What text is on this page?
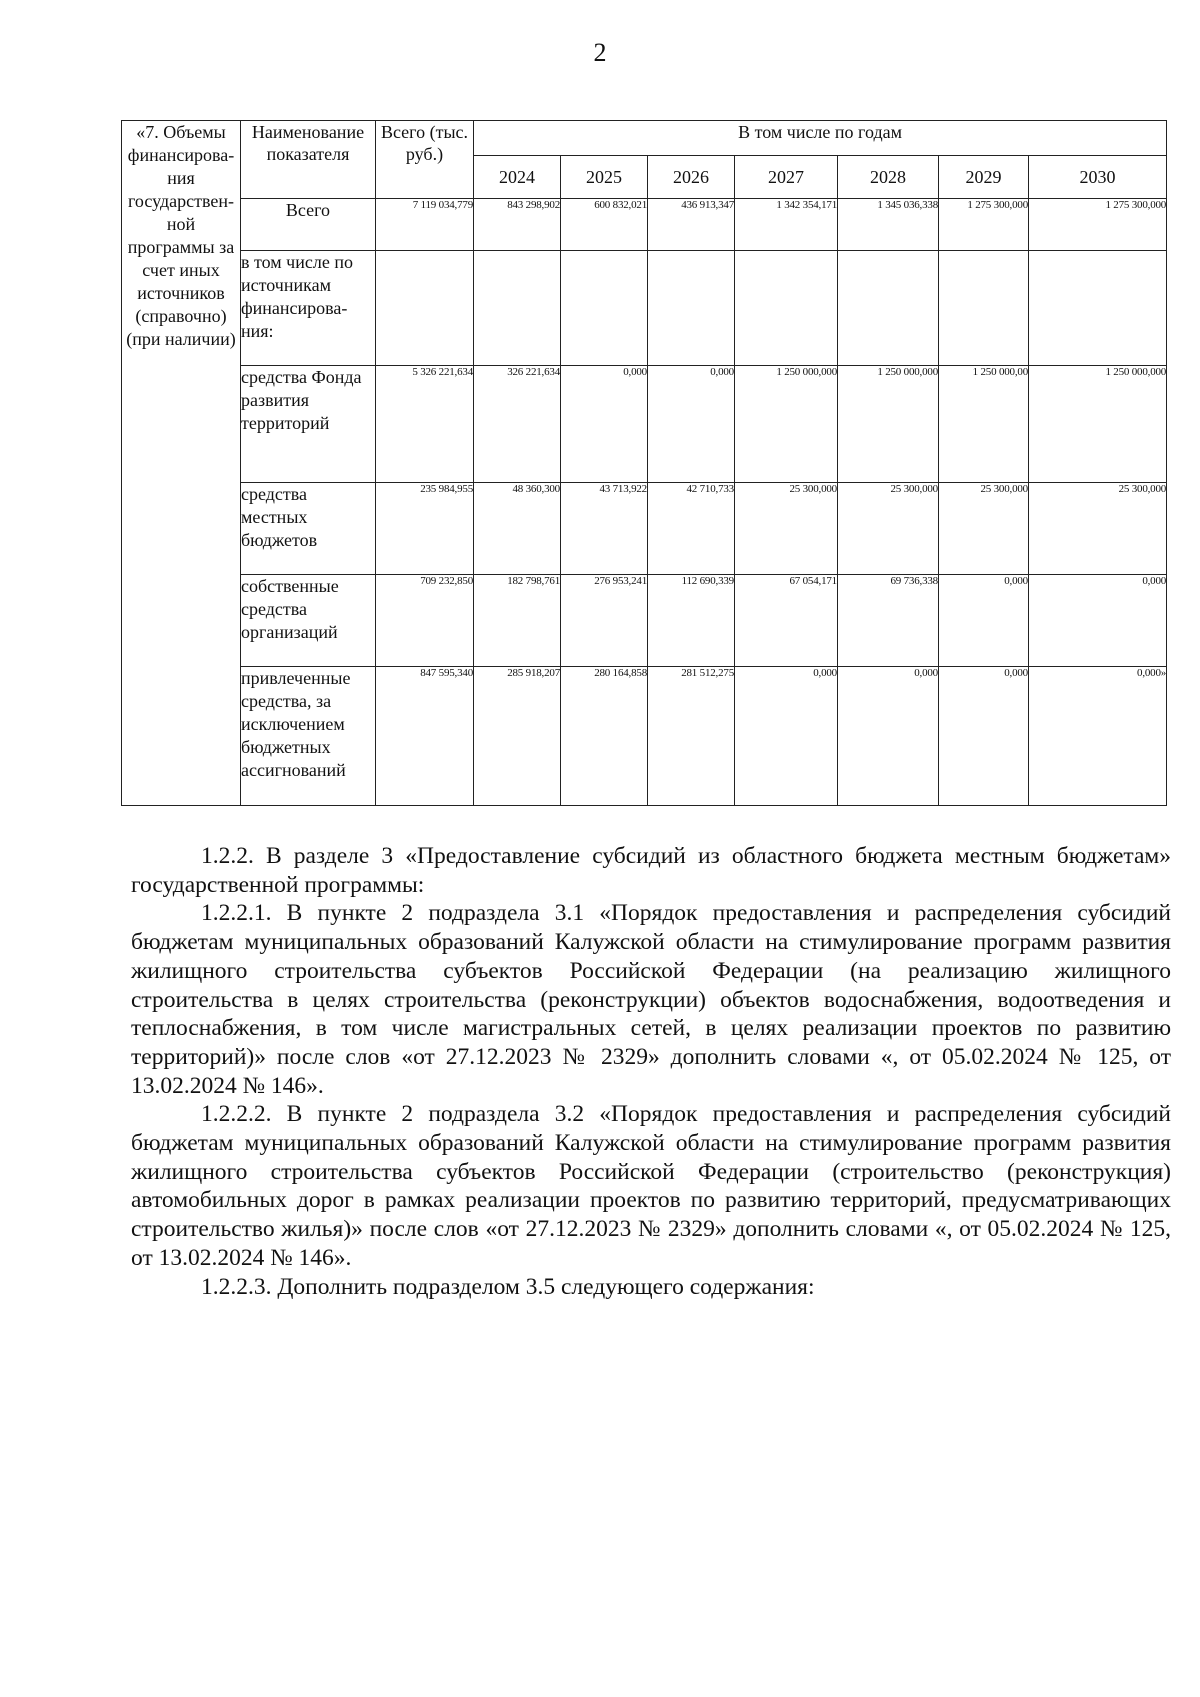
2
«7. Объемы финансирова-ния государствен-ной программы за счет иных источников (справочно) (при наличии)	Наименование показателя	Всего (тыс. руб.)	В том числе по годам						
			2024	2025	2026	2027	2028	2029	2030
	Всего	7 119 034,779	843 298,902	600 832,021	436 913,347	1 342 354,171	1 345 036,338	1 275 300,000	1 275 300,000
	в том числе по источникам финансирова-ния:								
	средства Фонда развития территорий	5 326 221,634	326 221,634	0,000	0,000	1 250 000,000	1 250 000,000	1 250 000,00	1 250 000,000
	средства местных бюджетов	235 984,955	48 360,300	43 713,922	42 710,733	25 300,000	25 300,000	25 300,000	25 300,000
	собственные средства организаций	709 232,850	182 798,761	276 953,241	112 690,339	67 054,171	69 736,338	0,000	0,000
	привлеченные средства, за исключением бюджетных ассигнований	847 595,340	285 918,207	280 164,858	281 512,275	0,000	0,000	0,000	0,000»

1.2.2. В разделе 3 «Предоставление субсидий из областного бюджета местным бюджетам» государственной программы:

1.2.2.1. В пункте 2 подраздела 3.1 «Порядок предоставления и распределения субсидий бюджетам муниципальных образований Калужской области на стимулирование программ развития жилищного строительства субъектов Российской Федерации (на реализацию жилищного строительства в целях строительства (реконструкции) объектов водоснабжения, водоотведения и теплоснабжения, в том числе магистральных сетей, в целях реализации проектов по развитию территорий)» после слов «от 27.12.2023 № 2329» дополнить словами «, от 05.02.2024 № 125, от 13.02.2024 № 146».

1.2.2.2. В пункте 2 подраздела 3.2 «Порядок предоставления и распределения субсидий бюджетам муниципальных образований Калужской области на стимулирование программ развития жилищного строительства субъектов Российской Федерации (строительство (реконструкция) автомобильных дорог в рамках реализации проектов по развитию территорий, предусматривающих строительство жилья)» после слов «от 27.12.2023 № 2329» дополнить словами «, от 05.02.2024 № 125, от 13.02.2024 № 146».

1.2.2.3. Дополнить подразделом 3.5 следующего содержания:
